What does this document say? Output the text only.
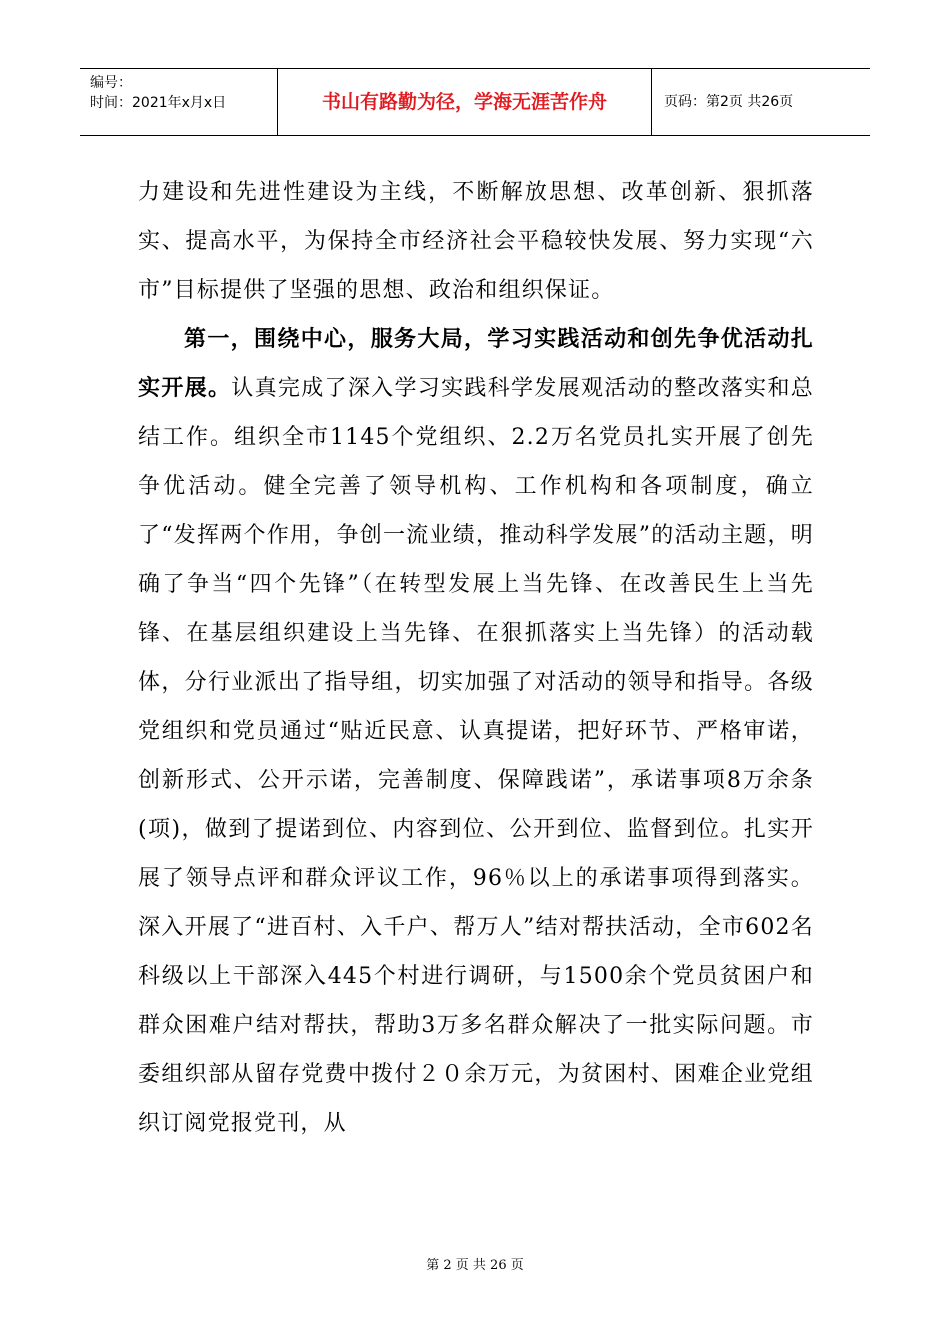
编号：
时间：2021年x月x日	书山有路勤为径，学海无涯苦作舟	页码：第2页 共26页

力建设和先进性建设为主线，不断解放思想、改革创新、狠抓落实、提高水平，为保持全市经济社会平稳较快发展、努力实现“六市”目标提供了坚强的思想、政治和组织保证。

第一，围绕中心，服务大局，学习实践活动和创先争优活动扎实开展。认真完成了深入学习实践科学发展观活动的整改落实和总结工作。组织全市1145个党组织、2.2万名党员扎实开展了创先争优活动。健全完善了领导机构、工作机构和各项制度，确立了“发挥两个作用，争创一流业绩，推动科学发展”的活动主题，明确了争当“四个先锋”（在转型发展上当先锋、在改善民生上当先锋、在基层组织建设上当先锋、在狠抓落实上当先锋）的活动载体，分行业派出了指导组，切实加强了对活动的领导和指导。各级党组织和党员通过“贴近民意、认真提诺，把好环节、严格审诺，创新形式、公开示诺，完善制度、保障践诺”，承诺事项8万余条(项)，做到了提诺到位、内容到位、公开到位、监督到位。扎实开展了领导点评和群众评议工作，96％以上的承诺事项得到落实。深入开展了“进百村、入千户、帮万人”结对帮扶活动，全市602名科级以上干部深入445个村进行调研，与1500余个党员贫困户和群众困难户结对帮扶，帮助3万多名群众解决了一批实际问题。市委组织部从留存党费中拨付２０余万元，为贫困村、困难企业党组织订阅党报党刊，从

第 2 页 共 26 页
